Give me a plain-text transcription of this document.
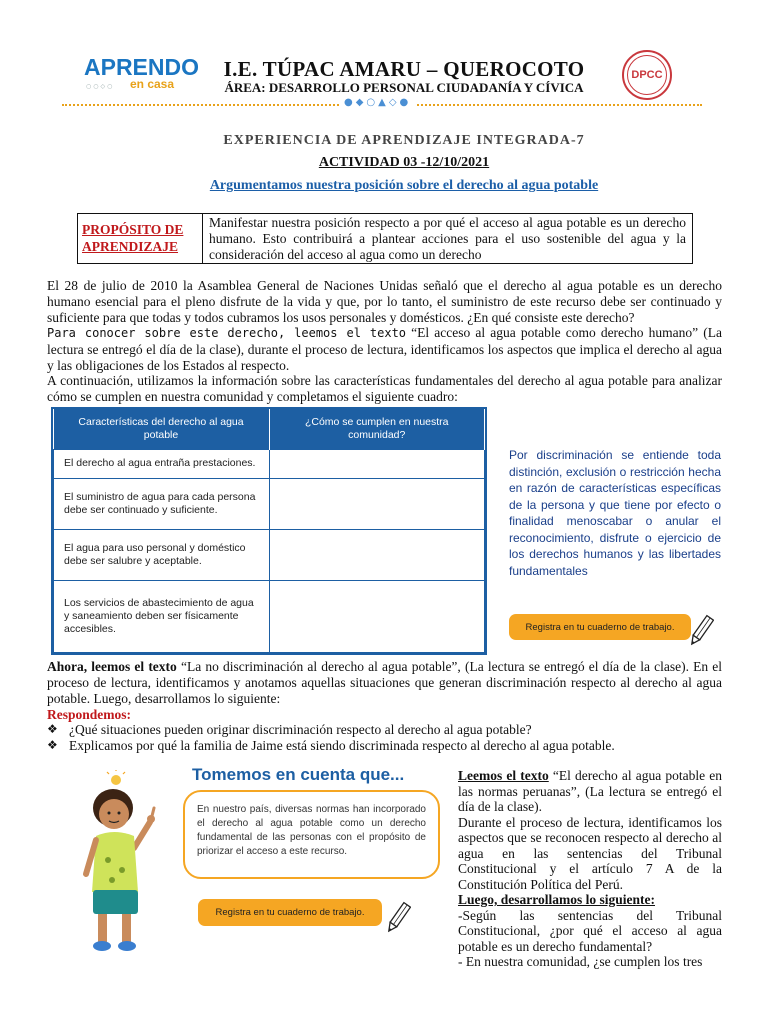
APRENDO
○○◇○ en casa
I.E. TÚPAC AMARU – QUEROCOTO
ÁREA: DESARROLLO PERSONAL CIUDADANÍA Y CÍVICA
DPCC
●◆○▲◇●
EXPERIENCIA DE APRENDIZAJE INTEGRADA-7
ACTIVIDAD 03 -12/10/2021
Argumentamos nuestra posición sobre el derecho al agua potable
PROPÓSITO DE APRENDIZAJE
Manifestar nuestra posición respecto a por qué el acceso al agua potable es un derecho humano. Esto contribuirá a plantear acciones para el uso sostenible del agua y la consideración del acceso al agua como un derecho
El 28 de julio de 2010 la Asamblea General de Naciones Unidas señaló que el derecho al agua potable es un derecho humano esencial para el pleno disfrute de la vida y que, por lo tanto, el suministro de este recurso debe ser continuado y suficiente para que todas y todos cubramos los usos personales y domésticos. ¿En qué consiste este derecho?
Para conocer sobre este derecho, leemos el texto “El acceso al agua potable como derecho humano” (La lectura se entregó el día de la clase), durante el proceso de lectura, identificamos los aspectos que implica el derecho al agua y las obligaciones de los Estados al respecto.
A continuación, utilizamos la información sobre las características fundamentales del derecho al agua potable para analizar cómo se cumplen en nuestra comunidad y completamos el siguiente cuadro:
Características del derecho al agua potable	¿Cómo se cumplen en nuestra comunidad?
El derecho al agua entraña prestaciones.	
El suministro de agua para cada persona debe ser continuado y suficiente.	
El agua para uso personal y doméstico debe ser salubre y aceptable.	
Los servicios de abastecimiento de agua y saneamiento deben ser físicamente accesibles.	
Por discriminación se entiende toda distinción, exclusión o restricción hecha en razón de características específicas de la persona y que tiene por efecto o finalidad menoscabar o anular el reconocimiento, disfrute o ejercicio de los derechos humanos y las libertades fundamentales
Registra en tu cuaderno de trabajo.
Ahora, leemos el texto “La no discriminación al derecho al agua potable”, (La lectura se entregó el día de la clase). En el proceso de lectura, identificamos y anotamos aquellas situaciones que generan discriminación respecto al derecho al agua potable. Luego, desarrollamos lo siguiente:
Respondemos:
❖ ¿Qué situaciones pueden originar discriminación respecto al derecho al agua potable?
❖ Explicamos por qué la familia de Jaime está siendo discriminada respecto al derecho al agua potable.
Tomemos en cuenta que...
En nuestro país, diversas normas han incorporado el derecho al agua potable como un derecho fundamental de las personas con el propósito de priorizar el acceso a este recurso.
Registra en tu cuaderno de trabajo.
Leemos el texto “El derecho al agua potable en las normas peruanas”, (La lectura se entregó el día de la clase).
Durante el proceso de lectura, identificamos los aspectos que se reconocen respecto al derecho al agua en las sentencias del Tribunal Constitucional y el artículo 7 A de la Constitución Política del Perú.
Luego, desarrollamos lo siguiente:
-Según las sentencias del Tribunal Constitucional, ¿por qué el acceso al agua potable es un derecho fundamental?
- En nuestra comunidad, ¿se cumplen los tres
